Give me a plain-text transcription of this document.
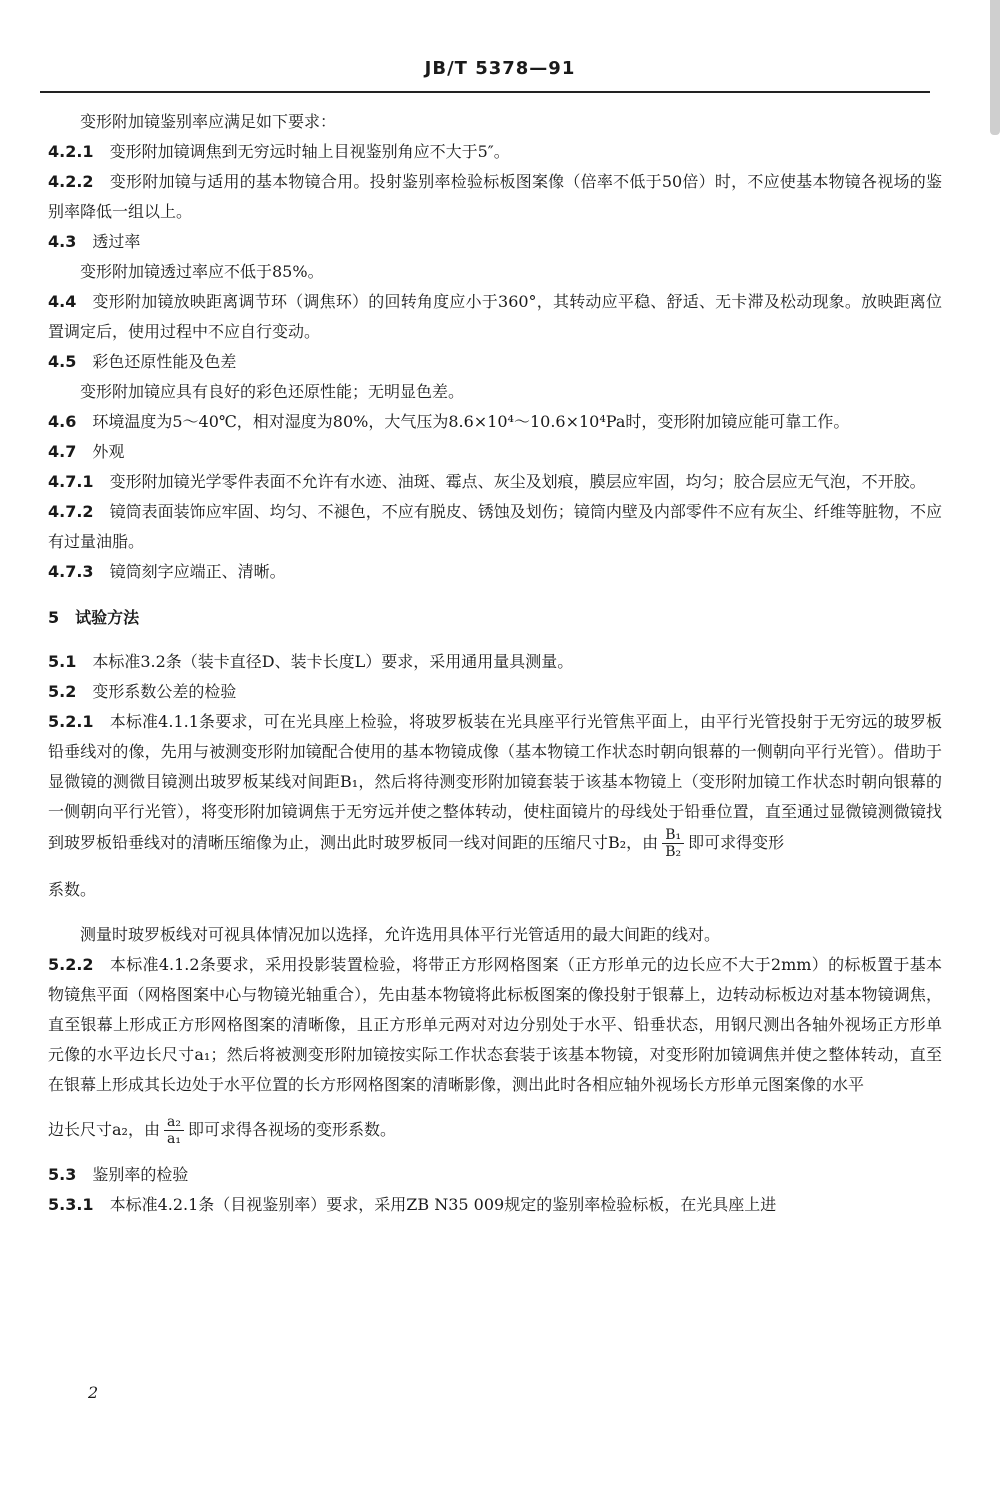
JB/T 5378—91

变形附加镜鉴别率应满足如下要求：

4.2.1 变形附加镜调焦到无穷远时轴上目视鉴别角应不大于5″。

4.2.2 变形附加镜与适用的基本物镜合用。投射鉴别率检验标板图案像（倍率不低于50倍）时，不应使基本物镜各视场的鉴别率降低一组以上。

4.3 透过率

变形附加镜透过率应不低于85%。

4.4 变形附加镜放映距离调节环（调焦环）的回转角度应小于360°，其转动应平稳、舒适、无卡滞及松动现象。放映距离位置调定后，使用过程中不应自行变动。

4.5 彩色还原性能及色差

变形附加镜应具有良好的彩色还原性能；无明显色差。

4.6 环境温度为5～40℃，相对湿度为80%，大气压为8.6×10⁴～10.6×10⁴Pa时，变形附加镜应能可靠工作。

4.7 外观

4.7.1 变形附加镜光学零件表面不允许有水迹、油斑、霉点、灰尘及划痕，膜层应牢固，均匀；胶合层应无气泡，不开胶。

4.7.2 镜筒表面装饰应牢固、均匀、不褪色，不应有脱皮、锈蚀及划伤；镜筒内壁及内部零件不应有灰尘、纤维等脏物，不应有过量油脂。

4.7.3 镜筒刻字应端正、清晰。

5 试验方法

5.1 本标准3.2条（装卡直径D、装卡长度L）要求，采用通用量具测量。

5.2 变形系数公差的检验

5.2.1 本标准4.1.1条要求，可在光具座上检验，将玻罗板装在光具座平行光管焦平面上，由平行光管投射于无穷远的玻罗板铅垂线对的像，先用与被测变形附加镜配合使用的基本物镜成像（基本物镜工作状态时朝向银幕的一侧朝向平行光管）。借助于显微镜的测微目镜测出玻罗板某线对间距B₁，然后将待测变形附加镜套装于该基本物镜上（变形附加镜工作状态时朝向银幕的一侧朝向平行光管），将变形附加镜调焦于无穷远并使之整体转动，使柱面镜片的母线处于铅垂位置，直至通过显微镜测微镜找到玻罗板铅垂线对的清晰压缩像为止，测出此时玻罗板同一线对间距的压缩尺寸B₂，由 $\frac{\text{B₁}}{\text{B₂}}$ 即可求得变形

系数。

测量时玻罗板线对可视具体情况加以选择，允许选用具体平行光管适用的最大间距的线对。

5.2.2 本标准4.1.2条要求，采用投影装置检验，将带正方形网格图案（正方形单元的边长应不大于2mm）的标板置于基本物镜焦平面（网格图案中心与物镜光轴重合），先由基本物镜将此标板图案的像投射于银幕上，边转动标板边对基本物镜调焦，直至银幕上形成正方形网格图案的清晰像，且正方形单元两对对边分别处于水平、铅垂状态，用钢尺测出各轴外视场正方形单元像的水平边长尺寸a₁；然后将被测变形附加镜按实际工作状态套装于该基本物镜，对变形附加镜调焦并使之整体转动，直至在银幕上形成其长边处于水平位置的长方形网格图案的清晰影像，测出此时各相应轴外视场长方形单元图案像的水平

边长尺寸a₂，由 $\frac{\text{a₂}}{\text{a₁}}$ 即可求得各视场的变形系数。

5.3 鉴别率的检验

5.3.1 本标准4.2.1条（目视鉴别率）要求，采用ZB N35 009规定的鉴别率检验标板，在光具座上进

2
